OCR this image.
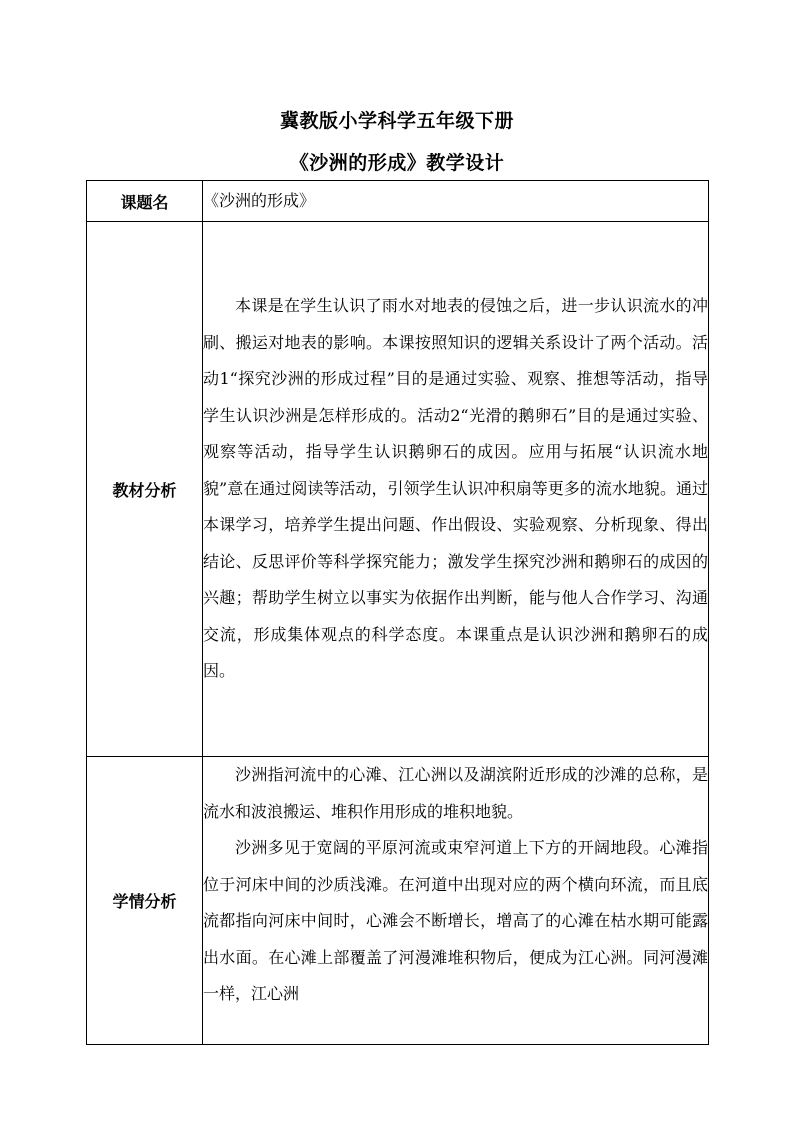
冀教版小学科学五年级下册
《沙洲的形成》教学设计
课题名	《沙洲的形成》
教材分析	本课是在学生认识了雨水对地表的侵蚀之后，进一步认识流水的冲刷、搬运对地表的影响。本课按照知识的逻辑关系设计了两个活动。活动1“探究沙洲的形成过程”目的是通过实验、观察、推想等活动，指导学生认识沙洲是怎样形成的。活动2“光滑的鹅卵石”目的是通过实验、观察等活动，指导学生认识鹅卵石的成因。应用与拓展“认识流水地貌”意在通过阅读等活动，引领学生认识冲积扇等更多的流水地貌。通过本课学习，培养学生提出问题、作出假设、实验观察、分析现象、得出结论、反思评价等科学探究能力；激发学生探究沙洲和鹅卵石的成因的兴趣；帮助学生树立以事实为依据作出判断，能与他人合作学习、沟通交流，形成集体观点的科学态度。本课重点是认识沙洲和鹅卵石的成因。

学情分析	沙洲指河流中的心滩、江心洲以及湖滨附近形成的沙滩的总称，是流水和波浪搬运、堆积作用形成的堆积地貌。

沙洲多见于宽阔的平原河流或束窄河道上下方的开阔地段。心滩指位于河床中间的沙质浅滩。在河道中出现对应的两个横向环流，而且底流都指向河床中间时，心滩会不断增长，增高了的心滩在枯水期可能露出水面。在心滩上部覆盖了河漫滩堆积物后，便成为江心洲。同河漫滩一样，江心洲
